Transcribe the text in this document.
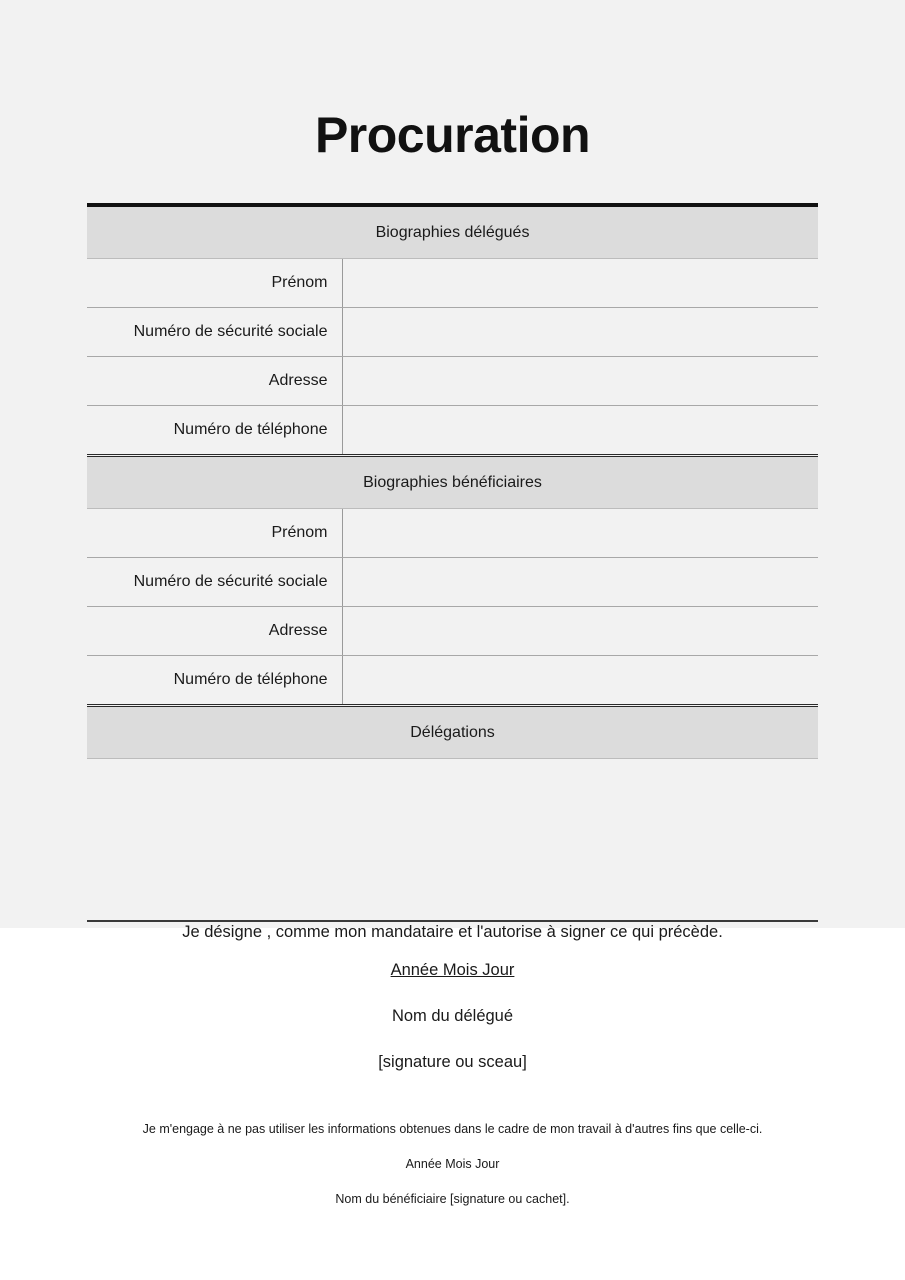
Procuration
Biographies délégués	
Prénom	
Numéro de sécurité sociale	
Adresse	
Numéro de téléphone	
Biographies bénéficiaires	
Prénom	
Numéro de sécurité sociale	
Adresse	
Numéro de téléphone	
Délégations	

Je désigne , comme mon mandataire et l'autorise à signer ce qui précède.

Année Mois Jour

Nom du délégué

[signature ou sceau]

Je m'engage à ne pas utiliser les informations obtenues dans le cadre de mon travail à d'autres fins que celle-ci.

Année Mois Jour

Nom du bénéficiaire [signature ou cachet].
